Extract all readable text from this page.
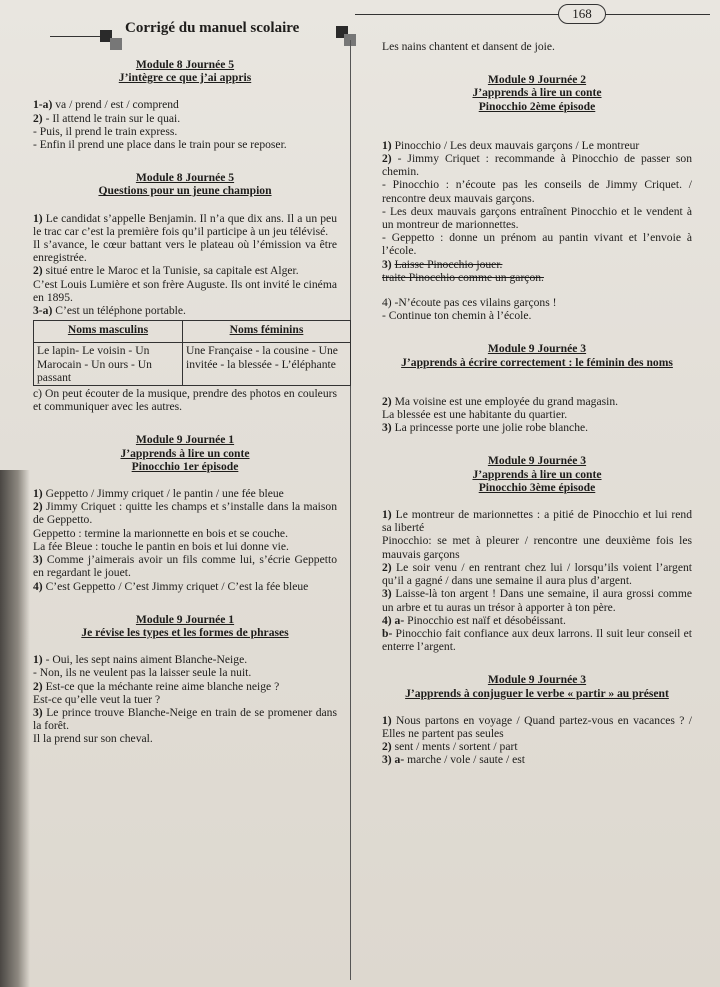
Corrigé du manuel scolaire
168
Module 8 Journée 5
J’intègre ce que j’ai appris

1-a) va / prend / est / comprend

2) - Il attend le train sur le quai.

- Puis, il prend le train express.

- Enfin il prend une place dans le train pour se reposer.

Module 8 Journée 5
Questions pour un jeune champion

1) Le candidat s’appelle Benjamin. Il n’a que dix ans. Il a un peu le trac car c’est la première fois qu’il participe à un jeu télévisé.

Il s’avance, le cœur battant vers le plateau où l’émission va être enregistrée.

2) situé entre le Maroc et la Tunisie, sa capitale est Alger.

C’est Louis Lumière et son frère Auguste. Ils ont invité le cinéma en 1895.

3-a) C’est un téléphone portable.

Noms masculins	Noms féminins
Le lapin- Le voisin - Un Marocain - Un ours - Un passant	Une Française - la cousine - Une invitée - la blessée - L’éléphante

c) On peut écouter de la musique, prendre des photos en couleurs et communiquer avec les autres.

Module 9 Journée 1
J’apprends à lire un conte
Pinocchio 1er épisode

1) Geppetto / Jimmy criquet / le pantin / une fée bleue

2) Jimmy Criquet : quitte les champs et s’installe dans la maison de Geppetto.

Geppetto : termine la marionnette en bois et se couche.

La fée Bleue : touche le pantin en bois et lui donne vie.

3) Comme j’aimerais avoir un fils comme lui, s’écrie Geppetto en regardant le jouet.

4) C’est Geppetto / C’est Jimmy criquet / C’est la fée bleue

Module 9 Journée 1
Je révise les types et les formes de phrases

1) - Oui, les sept nains aiment Blanche-Neige.

- Non, ils ne veulent pas la laisser seule la nuit.

2) Est-ce que la méchante reine aime blanche neige ?

Est-ce qu’elle veut la tuer ?

3) Le prince trouve Blanche-Neige en train de se promener dans la forêt.

Il la prend sur son cheval.

Les nains chantent et dansent de joie.

Module 9 Journée 2
J’apprends à lire un conte
Pinocchio 2ème épisode

1) Pinocchio / Les deux mauvais garçons / Le montreur

2) - Jimmy Criquet : recommande à Pinocchio de passer son chemin.

- Pinocchio : n’écoute pas les conseils de Jimmy Criquet. / rencontre deux mauvais garçons.

- Les deux mauvais garçons entraînent Pinocchio et le vendent à un montreur de marionnettes.

- Geppetto : donne un prénom au pantin vivant et l’envoie à l’école.

3) Laisse Pinocchio jouer.

traite Pinocchio comme un garçon.

4) -N’écoute pas ces vilains garçons !

- Continue ton chemin à l’école.

Module 9 Journée 3
J’apprends à écrire correctement : le féminin des noms

2) Ma voisine est une employée du grand magasin.

La blessée est une habitante du quartier.

3) La princesse porte une jolie robe blanche.

Module 9 Journée 3
J’apprends à lire un conte
Pinocchio 3ème épisode

1) Le montreur de marionnettes : a pitié de Pinocchio et lui rend sa liberté

Pinocchio: se met à pleurer / rencontre une deuxième fois les mauvais garçons

2) Le soir venu / en rentrant chez lui / lorsqu’ils voient l’argent qu’il a gagné / dans une semaine il aura plus d’argent.

3) Laisse-là ton argent ! Dans une semaine, il aura grossi comme un arbre et tu auras un trésor à apporter à ton père.

4) a- Pinocchio est naïf et désobéissant.

b- Pinocchio fait confiance aux deux larrons. Il suit leur conseil et enterre l’argent.

Module 9 Journée 3
J’apprends à conjuguer le verbe « partir » au présent

1) Nous partons en voyage / Quand partez-vous en vacances ? / Elles ne partent pas seules

2) sent / ments / sortent / part

3) a- marche / vole / saute / est
